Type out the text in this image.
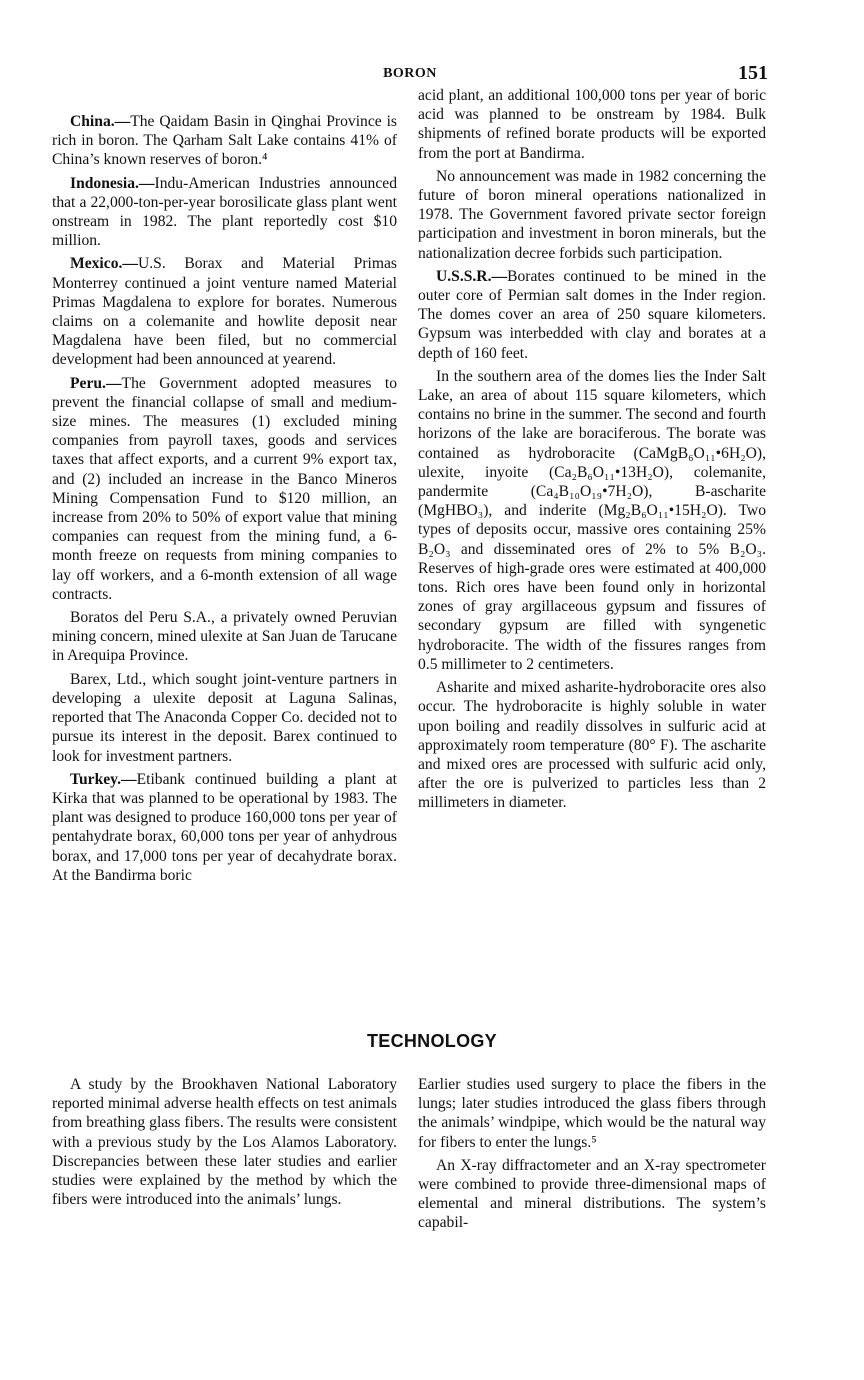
BORON	151

China.—The Qaidam Basin in Qinghai Province is rich in boron. The Qarham Salt Lake contains 41% of China’s known reserves of boron.⁴

Indonesia.—Indu-American Industries announced that a 22,000-ton-per-year borosilicate glass plant went onstream in 1982. The plant reportedly cost $10 million.

Mexico.—U.S. Borax and Material Primas Monterrey continued a joint venture named Material Primas Magdalena to explore for borates. Numerous claims on a colemanite and howlite deposit near Magdalena have been filed, but no commercial development had been announced at yearend.

Peru.—The Government adopted measures to prevent the financial collapse of small and medium-size mines. The measures (1) excluded mining companies from payroll taxes, goods and services taxes that affect exports, and a current 9% export tax, and (2) included an increase in the Banco Mineros Mining Compensation Fund to $120 million, an increase from 20% to 50% of export value that mining companies can request from the mining fund, a 6-month freeze on requests from mining companies to lay off workers, and a 6-month extension of all wage contracts.

Boratos del Peru S.A., a privately owned Peruvian mining concern, mined ulexite at San Juan de Tarucane in Arequipa Province.

Barex, Ltd., which sought joint-venture partners in developing a ulexite deposit at Laguna Salinas, reported that The Anaconda Copper Co. decided not to pursue its interest in the deposit. Barex continued to look for investment partners.

Turkey.—Etibank continued building a plant at Kirka that was planned to be operational by 1983. The plant was designed to produce 160,000 tons per year of pentahydrate borax, 60,000 tons per year of anhydrous borax, and 17,000 tons per year of decahydrate borax. At the Bandirma boric

acid plant, an additional 100,000 tons per year of boric acid was planned to be onstream by 1984. Bulk shipments of refined borate products will be exported from the port at Bandirma.

No announcement was made in 1982 concerning the future of boron mineral operations nationalized in 1978. The Government favored private sector foreign participation and investment in boron minerals, but the nationalization decree forbids such participation.

U.S.S.R.—Borates continued to be mined in the outer core of Permian salt domes in the Inder region. The domes cover an area of 250 square kilometers. Gypsum was interbedded with clay and borates at a depth of 160 feet.

In the southern area of the domes lies the Inder Salt Lake, an area of about 115 square kilometers, which contains no brine in the summer. The second and fourth horizons of the lake are boraciferous. The borate was contained as hydroboracite (CaMgB₆O₁₁•6H₂O), ulexite, inyoite (Ca₂B₆O₁₁•13H₂O), colemanite, pandermite (Ca₄B₁₀O₁₉•7H₂O), B-ascharite (MgHBO₃), and inderite (Mg₂B₆O₁₁•15H₂O). Two types of deposits occur, massive ores containing 25% B₂O₃ and disseminated ores of 2% to 5% B₂O₃. Reserves of high-grade ores were estimated at 400,000 tons. Rich ores have been found only in horizontal zones of gray argillaceous gypsum and fissures of secondary gypsum are filled with syngenetic hydroboracite. The width of the fissures ranges from 0.5 millimeter to 2 centimeters.

Asharite and mixed asharite-hydroboracite ores also occur. The hydroboracite is highly soluble in water upon boiling and readily dissolves in sulfuric acid at approximately room temperature (80° F). The ascharite and mixed ores are processed with sulfuric acid only, after the ore is pulverized to particles less than 2 millimeters in diameter.

TECHNOLOGY

A study by the Brookhaven National Laboratory reported minimal adverse health effects on test animals from breathing glass fibers. The results were consistent with a previous study by the Los Alamos Laboratory. Discrepancies between these later studies and earlier studies were explained by the method by which the fibers were introduced into the animals’ lungs.

Earlier studies used surgery to place the fibers in the lungs; later studies introduced the glass fibers through the animals’ windpipe, which would be the natural way for fibers to enter the lungs.⁵

An X-ray diffractometer and an X-ray spectrometer were combined to provide three-dimensional maps of elemental and mineral distributions. The system’s capabil-
